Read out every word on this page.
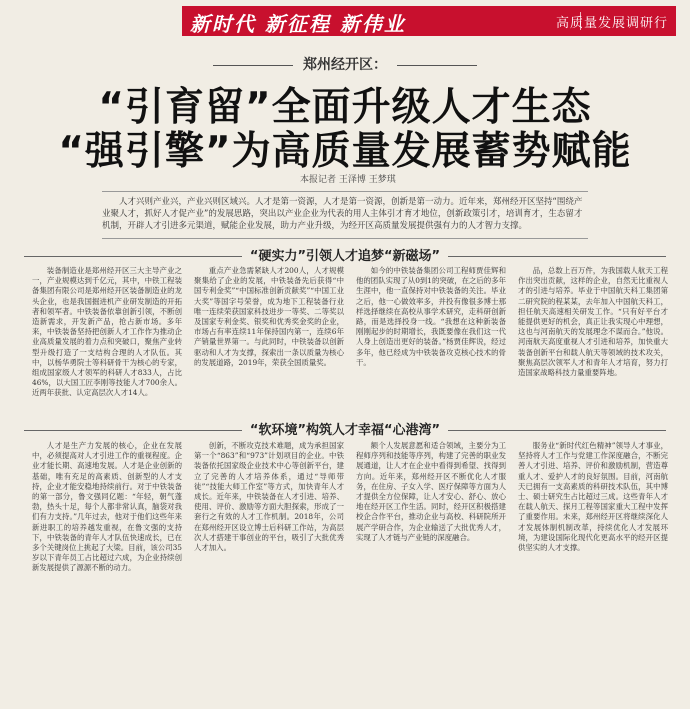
新时代 新征程 新伟业	高质量发展调研行
郑州经开区：
“引育留”全面升级人才生态
“强引擎”为高质量发展蓄势赋能
本报记者 王泽博 王梦琪

人才兴则产业兴，产业兴则区域兴。人才是第一资源，人才是第一资源，创新是第一动力。近年来，郑州经开区坚持“围绕产业聚人才，抓好人才促产业”的发展思路，突出以产业企业为代表的用人主体引才育才地位，创新政策引才，培训育才，生态留才机制，开辟人才引进多元渠道，赋能企业发展，助力产业升级，为经开区高质量发展提供强有力的人才智力支撑。

“硬实力”引领人才追梦“新磁场”

装备制造业是郑州经开区三大主导产业之一，产业规模达到千亿元，其中，中铁工程装备集团有限公司是郑州经开区装备制造业的龙头企业，也是我国掘进机产业研发制造的开拓者和领军者。中铁装备依靠创新引领，不断创造新需求，开发新产品，抢占新市场。多年来，中铁装备坚持把创新人才工作作为推动企业高质量发展的着力点和突破口，聚焦产业转型升级打造了一支结构合理的人才队伍。其中，以杨华勇院士等科研骨干为核心的专家，组成国家级人才领军的科研人才833人，占比46%，以大国工匠李刚等技能人才700余人。近两年获批、认定高层次人才14人。

重点产业急需紧缺人才200人，人才规模聚集给了企业的发展，中铁装备先后获得“中国专利金奖”“中国标准创新贡献奖”“中国工业大奖”等国字号荣誉，成为地下工程装备行业唯一连续荣获国家科技进步一等奖、二等奖以及国家专利金奖、银奖和优秀奖金奖的企业，市场占有率连续11年保持国内第一，连续6年产销量世界第一。与此同时，中铁装备以创新驱动和人才为支撑，探索出一条以质量为核心的发展道路，2019年，荣获全国质量奖。

如今的中铁装备集团公司工程师贾佳辉和他的团队实现了从0到1的突破，在之后的多年生涯中，他一直保持对中铁装备的关注。毕业之后，他一心做效率多，并投有像很多博士那样选择继续在高校从事学术研究，走科研创新路，而是选择投身一线。“我想在这种新装备刚刚起步的时期增长，我既要像在我们这一代人身上创造出更好的装备。”杨贾佳辉说，经过多年，他已经成为中铁装备攻克核心技术的骨干。

品，总数上百万件，为我国载人航天工程作出突出贡献，这样的企业，自然无比重视人才的引进与培养。毕业于中国航天科工集团第二研究院的程某某，去年加入中国航天科工，担任航天高速相关研发工作。“只有好平台才能提供更好的机会，真正让我实现心中理想，这也与河南航天的发展理念不谋而合。”他说。河南航天高度重视人才引进和培养，加快重大装备创新平台和载人航天等领域的技术攻关，聚焦高层次领军人才和青年人才培育，努力打造国家战略科技力量重要阵地。

“软环境”构筑人才幸福“心港湾”

人才是生产力发展的核心，企业在发展中，必须提高对人才引进工作的重视程度。企业才能长期、高速地发展。人才是企业创新的基础，唯有充足的高素质、创新型的人才支持，企业才能安稳地持续前行。对于中铁装备的第一部分，鲁文强同亿题：“年轻，朝气蓬勃，热头十足，每个人都非常认真，脑袋对我们有力支持。”几年过去，他对于他们这些年来新进职工的培养越发重视，在鲁文强的支持下，中铁装备的青年人才队伍快速成长，已在多个关键岗位上挑起了大梁。目前，该公司35岁以下青年员工占比超过六成，为企业持续创新发展提供了源源不断的动力。

创新，不断攻克技术难题，成为承担国家第一个“863”和“973”计划项目的企业。中铁装备依托国家级企业技术中心等创新平台，建立了完善的人才培养体系，通过“导师带徒”“技能大师工作室”等方式，加快青年人才成长。近年来，中铁装备在人才引进、培养、使用、评价、激励等方面大胆探索，形成了一套行之有效的人才工作机制。2018年，公司在郑州经开区设立博士后科研工作站，为高层次人才搭建干事创业的平台，吸引了大批优秀人才加入。

额个人发展意愿和适合领域，主要分为工程师序列和技能等序列，构建了完善的职业发展通道，让人才在企业中看得到希望、找得到方向。近年来，郑州经开区不断优化人才服务，在住房、子女入学、医疗保障等方面为人才提供全方位保障，让人才安心、舒心、放心地在经开区工作生活。同时，经开区积极搭建校企合作平台，推动企业与高校、科研院所开展产学研合作，为企业输送了大批优秀人才，实现了人才链与产业链的深度融合。

服务业“新时代红色精神”领导人才事业，坚持将人才工作与党建工作深度融合，不断完善人才引进、培养、评价和激励机制，营造尊重人才、爱护人才的良好氛围。目前，河南航天已拥有一支高素质的科研技术队伍，其中博士、硕士研究生占比超过三成。这些青年人才在载人航天、探月工程等国家重大工程中发挥了重要作用。未来，郑州经开区将继续深化人才发展体制机制改革，持续优化人才发展环境，为建设国际化现代化更高水平的经开区提供坚实的人才支撑。
